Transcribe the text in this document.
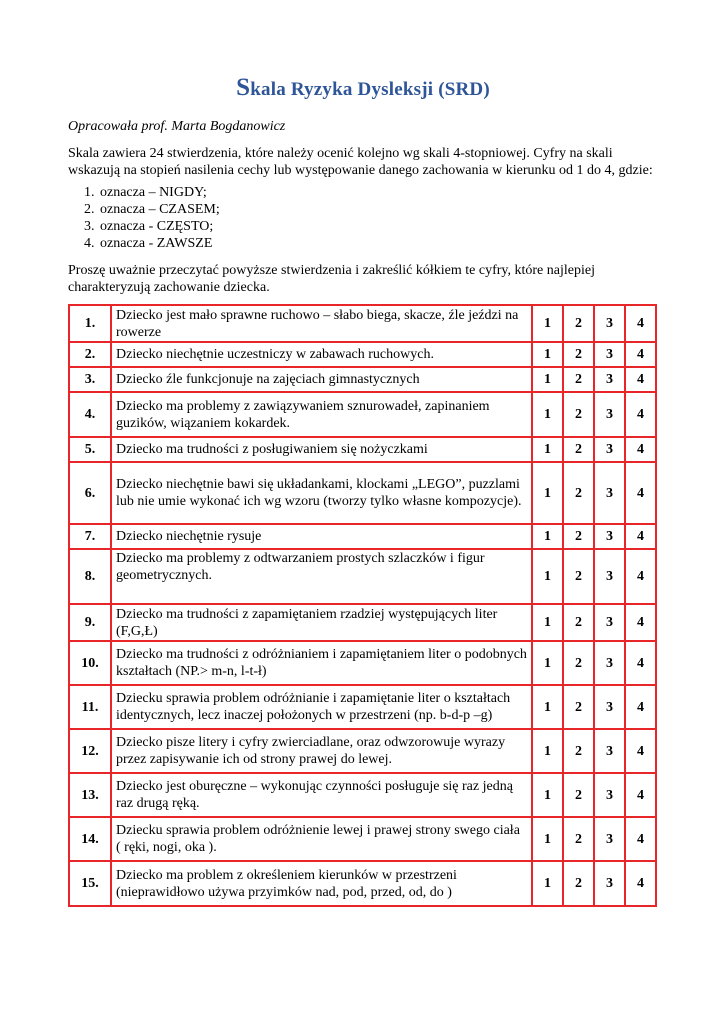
Skala Ryzyka Dysleksji (SRD)

Opracowała prof. Marta Bogdanowicz

Skala zawiera 24 stwierdzenia, które należy ocenić kolejno wg skali 4-stopniowej. Cyfry na skali wskazują na stopień nasilenia cechy lub występowanie danego zachowania w kierunku od 1 do 4, gdzie:

1. oznacza – NIGDY;
2. oznacza – CZASEM;
3. oznacza - CZĘSTO;
4. oznacza - ZAWSZE

Proszę uważnie przeczytać powyższe stwierdzenia i zakreślić kółkiem te cyfry, które najlepiej charakteryzują zachowanie dziecka.

1.	Dziecko jest mało sprawne ruchowo – słabo biega, skacze, źle jeździ na rowerze	1	2	3	4
2.	Dziecko niechętnie uczestniczy w zabawach ruchowych.	1	2	3	4
3.	Dziecko źle funkcjonuje na zajęciach gimnastycznych	1	2	3	4
4.	Dziecko ma problemy z zawiązywaniem sznurowadeł, zapinaniem guzików, wiązaniem kokardek.	1	2	3	4
5.	Dziecko ma trudności z posługiwaniem się nożyczkami	1	2	3	4
6.	Dziecko niechętnie bawi się układankami, klockami „LEGO”, puzzlami lub nie umie wykonać ich wg wzoru (tworzy tylko własne kompozycje).	1	2	3	4
7.	Dziecko niechętnie rysuje	1	2	3	4
8.	Dziecko ma problemy z odtwarzaniem prostych szlaczków i figur geometrycznych.	1	2	3	4
9.	Dziecko ma trudności z zapamiętaniem rzadziej występujących liter (F,G,Ł)	1	2	3	4
10.	Dziecko ma trudności z odróżnianiem i zapamiętaniem liter o podobnych kształtach (NP.> m-n, l-t-ł)	1	2	3	4
11.	Dziecku sprawia problem odróżnianie i zapamiętanie liter o kształtach identycznych, lecz inaczej położonych w przestrzeni (np. b-d-p –g)	1	2	3	4
12.	Dziecko pisze litery i cyfry zwierciadlane, oraz odwzorowuje wyrazy przez zapisywanie ich od strony prawej do lewej.	1	2	3	4
13.	Dziecko jest oburęczne – wykonując czynności posługuje się raz jedną raz drugą ręką.	1	2	3	4
14.	Dziecku sprawia problem odróżnienie lewej i prawej strony swego ciała ( ręki, nogi, oka ).	1	2	3	4
15.	Dziecko ma problem z określeniem kierunków w przestrzeni (nieprawidłowo używa przyimków nad, pod, przed, od, do )	1	2	3	4
